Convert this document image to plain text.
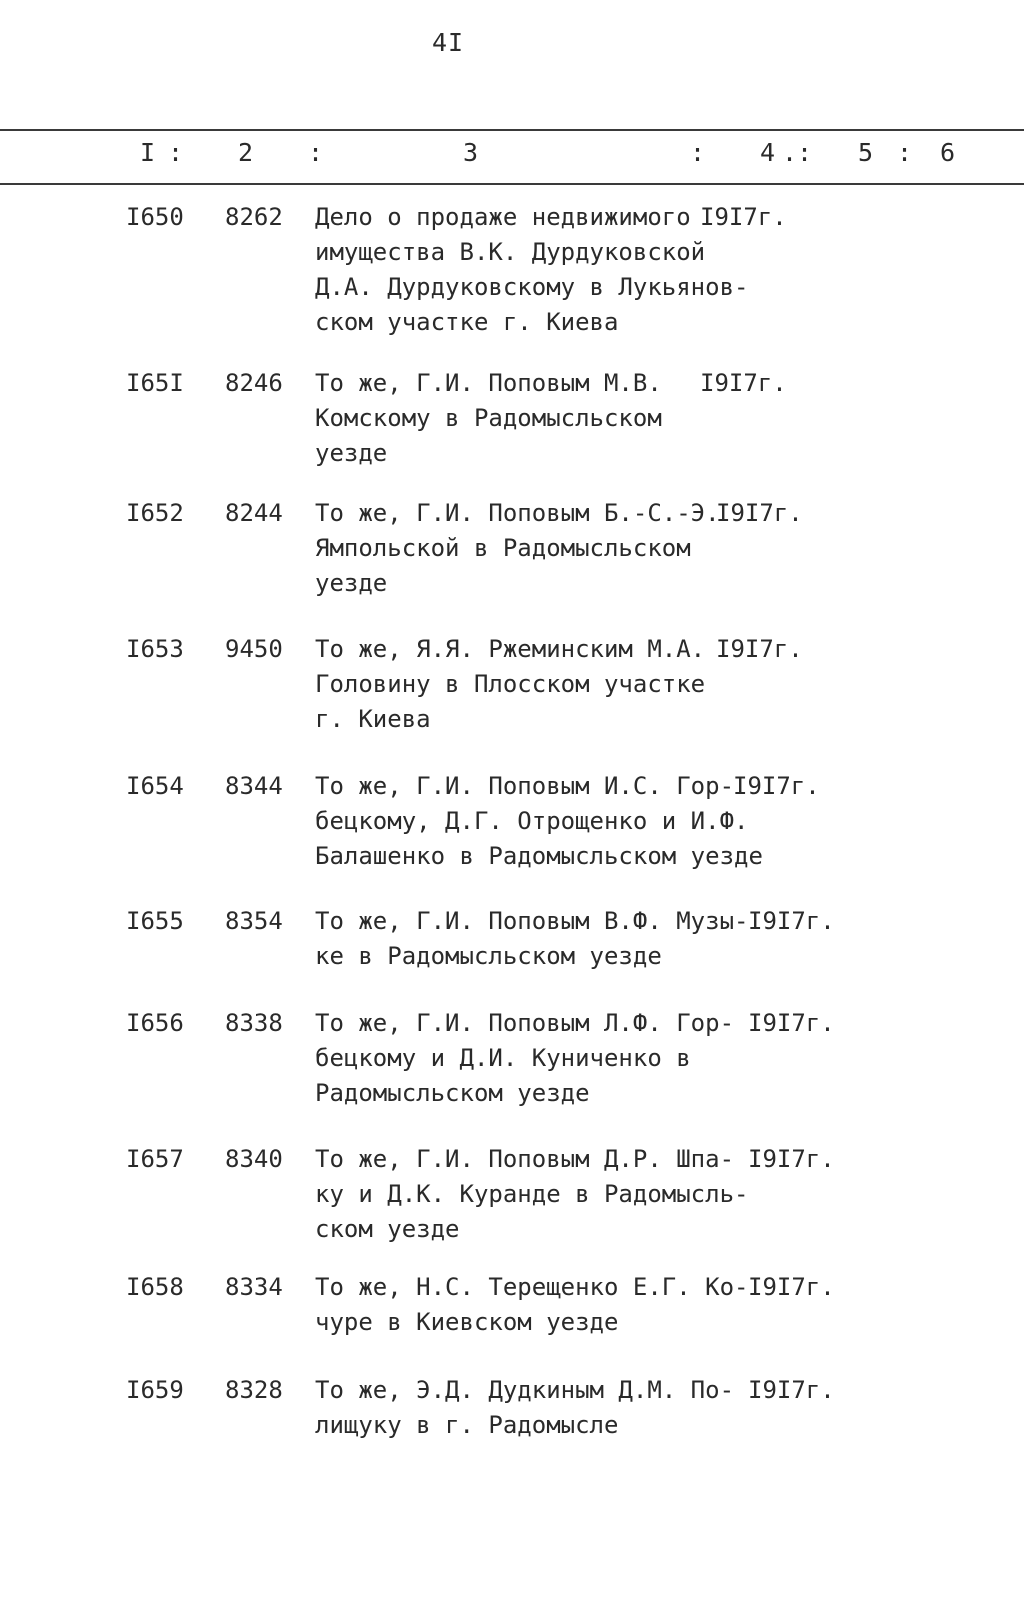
4I
I : 2 :	3	: 4 .: 5 : 6
I650 8262 Дело о продаже недвижимого
имущества В.К. Дурдуковской
Д.А. Дурдуковскому в Лукьянов-
ском участке г. Киева
I9I7г.
I65I 8246 То же, Г.И. Поповым М.В.
Комскому в Радомысльском
уезде
I9I7г.
I652 8244 То же, Г.И. Поповым Б.-С.-Э.
Ямпольской в Радомысльском
уезде
I9I7г.
I653 9450 То же, Я.Я. Ржеминским М.А.
Головину в Плосском участке
г. Киева
I9I7г.
I654 8344 То же, Г.И. Поповым И.С. Гор-
бецкому, Д.Г. Отрощенко и И.Ф.
Балашенко в Радомысльском уезде
I9I7г.
I655 8354 То же, Г.И. Поповым В.Ф. Музы-
ке в Радомысльском уезде
I9I7г.
I656 8338 То же, Г.И. Поповым Л.Ф. Гор-
бецкому и Д.И. Куниченко в
Радомысльском уезде
I9I7г.
I657 8340 То же, Г.И. Поповым Д.Р. Шпа-
ку и Д.К. Куранде в Радомысль-
ском уезде
I9I7г.
I658 8334 То же, Н.С. Терещенко Е.Г. Ко-
чуре в Киевском уезде
I9I7г.
I659 8328 То же, Э.Д. Дудкиным Д.М. По-
лищуку в г. Радомысле
I9I7г.
